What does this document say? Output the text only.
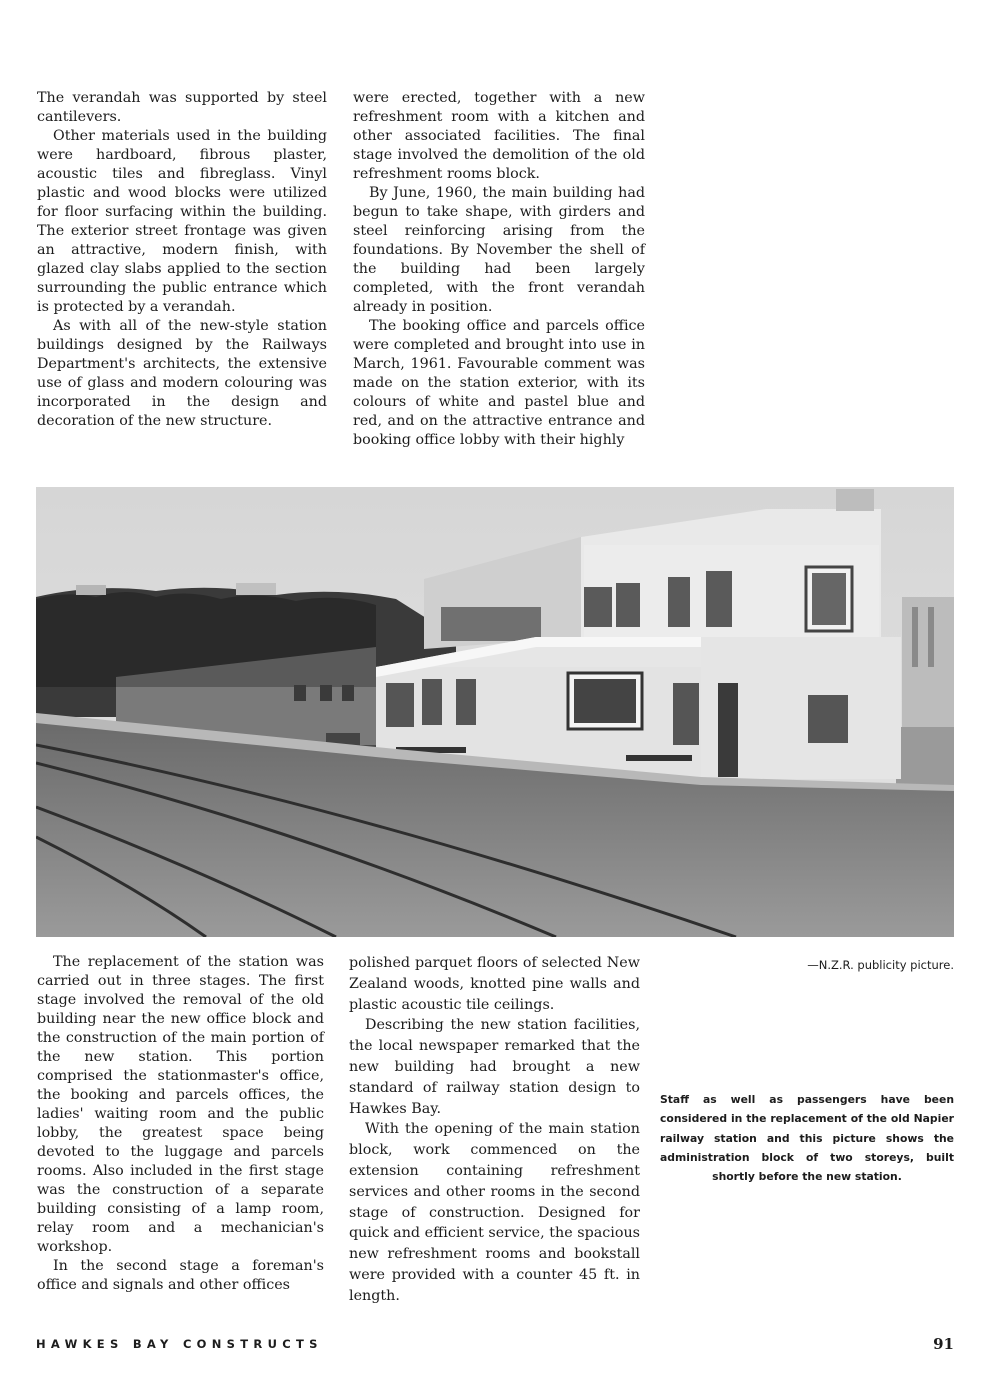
The verandah was supported by steel cantilevers.

Other materials used in the building were hardboard, fibrous plaster, acoustic tiles and fibreglass. Vinyl plastic and wood blocks were utilized for floor surfacing within the building. The exterior street frontage was given an attractive, modern finish, with glazed clay slabs applied to the section surrounding the public entrance which is protected by a verandah.

As with all of the new-style station buildings designed by the Railways Department's architects, the extensive use of glass and modern colouring was incorporated in the design and decoration of the new structure.

were erected, together with a new refreshment room with a kitchen and other associated facilities. The final stage involved the demolition of the old refreshment rooms block.

By June, 1960, the main building had begun to take shape, with girders and steel reinforcing arising from the foundations. By November the shell of the building had been largely completed, with the front verandah already in position.

The booking office and parcels office were completed and brought into use in March, 1961. Favourable comment was made on the station exterior, with its colours of white and pastel blue and red, and on the attractive entrance and booking office lobby with their highly

The replacement of the station was carried out in three stages. The first stage involved the removal of the old building near the new office block and the construction of the main portion of the new station. This portion comprised the stationmaster's office, the booking and parcels offices, the ladies' waiting room and the public lobby, the greatest space being devoted to the luggage and parcels rooms. Also included in the first stage was the construction of a separate building consisting of a lamp room, relay room and a mechanician's workshop.

In the second stage a foreman's office and signals and other offices

polished parquet floors of selected New Zealand woods, knotted pine walls and plastic acoustic tile ceilings.

Describing the new station facilities, the local newspaper remarked that the new building had brought a new standard of railway station design to Hawkes Bay.

With the opening of the main station block, work commenced on the extension containing refreshment services and other rooms in the second stage of construction. Designed for quick and efficient service, the spacious new refreshment rooms and bookstall were provided with a counter 45 ft. in length.

—N.Z.R. publicity picture.
Staff as well as passengers have been considered in the replacement of the old Napier railway station and this picture shows the administration block of two storeys, built shortly before the new station.
HAWKES BAY CONSTRUCTS	91
